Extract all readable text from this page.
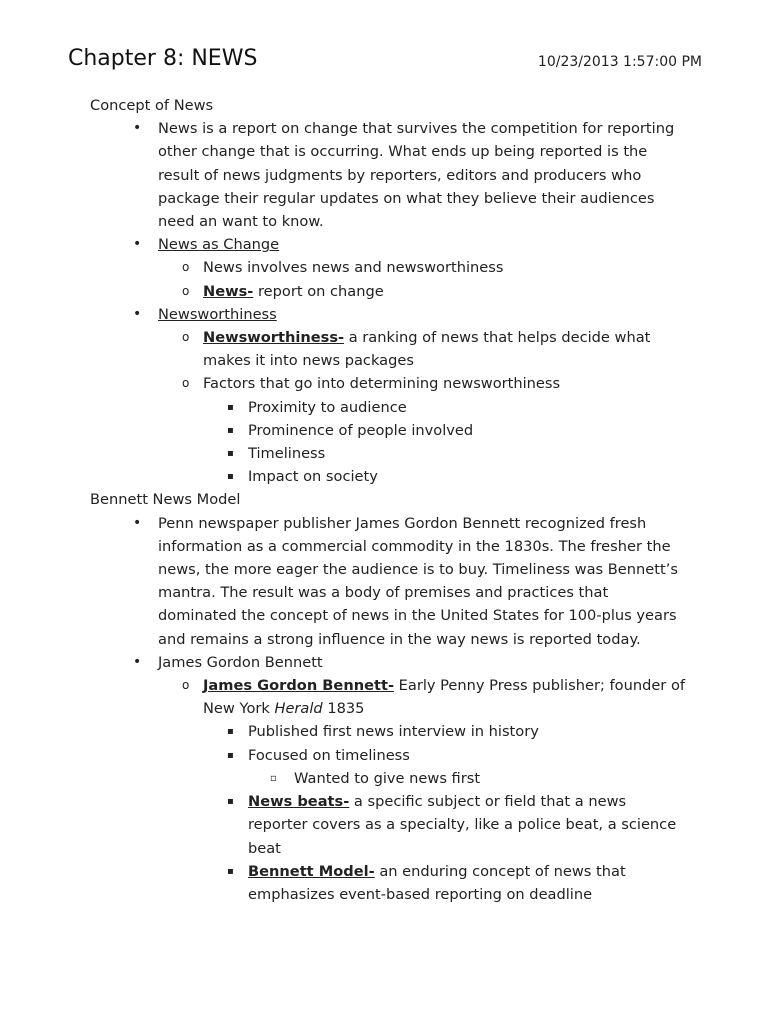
Chapter 8: NEWS	10/23/2013 1:57:00 PM
Concept of News
• News is a report on change that survives the competition for reporting other change that is occurring. What ends up being reported is the result of news judgments by reporters, editors and producers who package their regular updates on what they believe their audiences need an want to know.
• News as Change
o News involves news and newsworthiness
o News- report on change
• Newsworthiness
o Newsworthiness- a ranking of news that helps decide what makes it into news packages
o Factors that go into determining newsworthiness
▪ Proximity to audience
▪ Prominence of people involved
▪ Timeliness
▪ Impact on society
Bennett News Model
• Penn newspaper publisher James Gordon Bennett recognized fresh information as a commercial commodity in the 1830s. The fresher the news, the more eager the audience is to buy. Timeliness was Bennett’s mantra. The result was a body of premises and practices that dominated the concept of news in the United States for 100-plus years and remains a strong influence in the way news is reported today.
• James Gordon Bennett
o James Gordon Bennett- Early Penny Press publisher; founder of New York Herald 1835
▪ Published first news interview in history
▪ Focused on timeliness
▫ Wanted to give news first
▪ News beats- a specific subject or field that a news reporter covers as a specialty, like a police beat, a science beat
▪ Bennett Model- an enduring concept of news that emphasizes event-based reporting on deadline
